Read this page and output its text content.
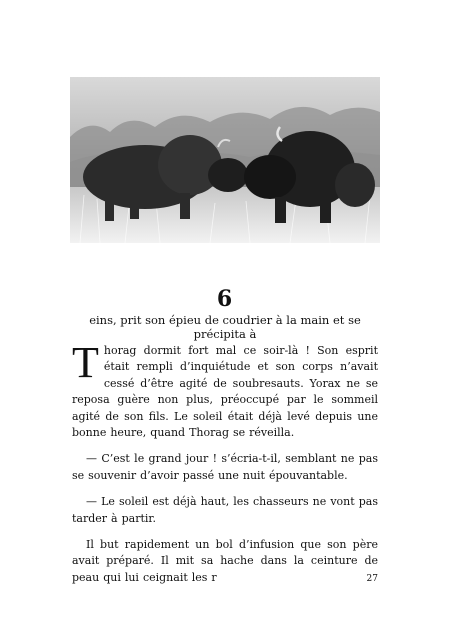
6
eins, prit son épieu de coudrier à la main et se précipita à

Thorag dormit fort mal ce soir-là ! Son esprit était rempli d’inquiétude et son corps n’avait cessé d’être agité de soubresauts. Yorax ne se reposa guère non plus, préoccupé par le sommeil agité de son fils. Le soleil était déjà levé depuis une bonne heure, quand Thorag se réveilla.

— C’est le grand jour ! s’écria-t-il, semblant ne pas se souvenir d’avoir passé une nuit épouvantable.

— Le soleil est déjà haut, les chasseurs ne vont pas tarder à partir.

Il but rapidement un bol d’infusion que son père avait préparé. Il mit sa hache dans la ceinture de peau qui lui ceignait les r	27
